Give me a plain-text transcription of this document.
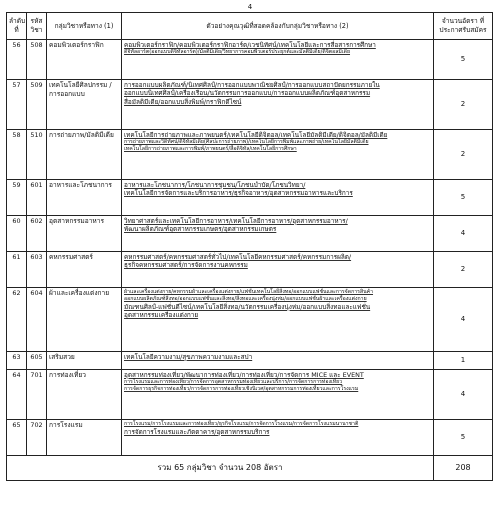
4
ลำดับที่	รหัส วิชา	กลุ่มวิชาหรือทาง (1)	ตัวอย่างคุณวุฒิที่สอดคล้องกับกลุ่มวิชาหรือทาง (2)	จำนวนอัตรา ที่ประกาศรับสมัคร
56	508	คอมพิวเตอร์กราฟิก	คอมพิวเตอร์กราฟิก/คอมพิวเตอร์กราฟิกอาร์ต/เวชนิทัศน์/เทคโนโลยีและการสื่อสารการศึกษา
ดิจิทัลอาร์ต(ออกแบบดิจิทัลอาร์ต)/มัลติมีเดีย/วิทยาการคอมพิวเตอร์ประยุกต์และมัลติมีเดีย/ดิจิตอลมีเดีย	5
57	509	เทคโนโลยีศิลปกรรม /การออกแบบ	การออกแบบผลิตภัณฑ์/นิเทศศิลป์/การออกแบบพาณิชยศิลป์/การออกแบบสถาปัตยกรรมภายใน
ออกแบบนิเทศศิลป์/เครื่องเรือน/นวัตกรรมการออกแบบ/การออกแบบผลิตภัณฑ์อุตสาหกรรม
สื่อมัลติมีเดีย/ออกแบบสิ่งพิมพ์/กราฟิกดีไซน์	2
58	510	การถ่ายภาพ/มัลติมีเดีย	เทคโนโลยีการถ่ายภาพและภาพยนตร์/เทคโนโลยีดิจิตอล/เทคโนโลยีมัลติมีเดีย/ดิจิตอล/มัลติมีเดีย
การถ่ายภาพและวีดิทัศน์/ดิจิทัลมีเดีย(ศิลปะการถ่ายภาพ)/เทคโนโลยีการพิมพ์และภาพถ่าย/เทคโนโลยีมัลติมีเดีย
เทคโนโลยีการถ่ายภาพและการพิมพ์/ภาพยนตร์/สื่อดิจิทัล/เทคโนโลยีการศึกษา	2
59	601	อาหารและโภชนาการ	อาหารและโภชนาการ/โภชนาการชุมชน/โภชนบำบัด/โภชนวิทยา/
เทคโนโลยีการจัดการและบริการอาหาร/ธุรกิจอาหาร/อุตสาหกรรมอาหารและบริการ	5
60	602	อุตสาหกรรมอาหาร	วิทยาศาสตร์และเทคโนโลยีการอาหาร/เทคโนโลยีการอาหาร/อุตสาหกรรมอาหาร/
พัฒนาผลิตภัณฑ์อุตสาหกรรมเกษตร/อุตสาหกรรมเกษตร	4
61	603	คหกรรมศาสตร์	คหกรรมศาสตร์/คหกรรมศาสตร์ทั่วไป/เทคโนโลยีคหกรรมศาสตร์/คหกรรมการผลิต/
ธุรกิจคหกรรมศาสตร์/การจัดการงานคหกรรม	2
62	604	ผ้าและเครื่องแต่งกาย	ผ้าและเครื่องแต่งกาย/คหกรรมผ้าและเครื่องแต่งกาย/แฟชั่นเทคโนโลยีสิ่งทอ/ออกแบบแฟชั่นและการจัดการสินค้า
ออกแบบผลิตภัณฑ์สิ่งทอ/ออกแบบแฟชั่นและสิ่งทอ/สิ่งทอและเครื่องนุ่งห่ม/ออกแบบแฟชั่นผ้าและเครื่องแต่งกาย
มัณฑนศิลป์-แฟชั่นดีไซน์/เทคโนโลยีสิ่งทอ/นวัตกรรมเครื่องนุ่งห่ม/ออกแบบสิ่งทอและแฟชั่น
อุตสาหกรรมเครื่องแต่งกาย	4
63	605	เสริมสวย	เทคโนโลยีความงาม/สุขภาพความงามและสปา	1
64	701	การท่องเที่ยว	อุตสาหกรรมท่องเที่ยว/พัฒนาการท่องเที่ยว/การท่องเที่ยว/การจัดการ MICE และ EVENT
การโรงแรมและการท่องเที่ยว/การจัดการอุตสาหกรรมท่องเที่ยวและบริการ/การจัดการการท่องเที่ยว
การจัดการธุรกิจการท่องเที่ยว/การจัดการการท่องเที่ยวเชิงนิเวศ/อุตสาหกรรมการท่องเที่ยวและการโรงแรม	4
65	702	การโรงแรม	การโรงแรม/การโรงแรมและการท่องเที่ยว/ธุรกิจโรงแรม/การจัดการโรงแรม/การจัดการโรงแรมนานาชาติ
การจัดการโรงแรมและภัตตาคาร/อุตสาหกรรมบริการ	5
รวม 65 กลุ่มวิชา จำนวน 208 อัตรา				208
